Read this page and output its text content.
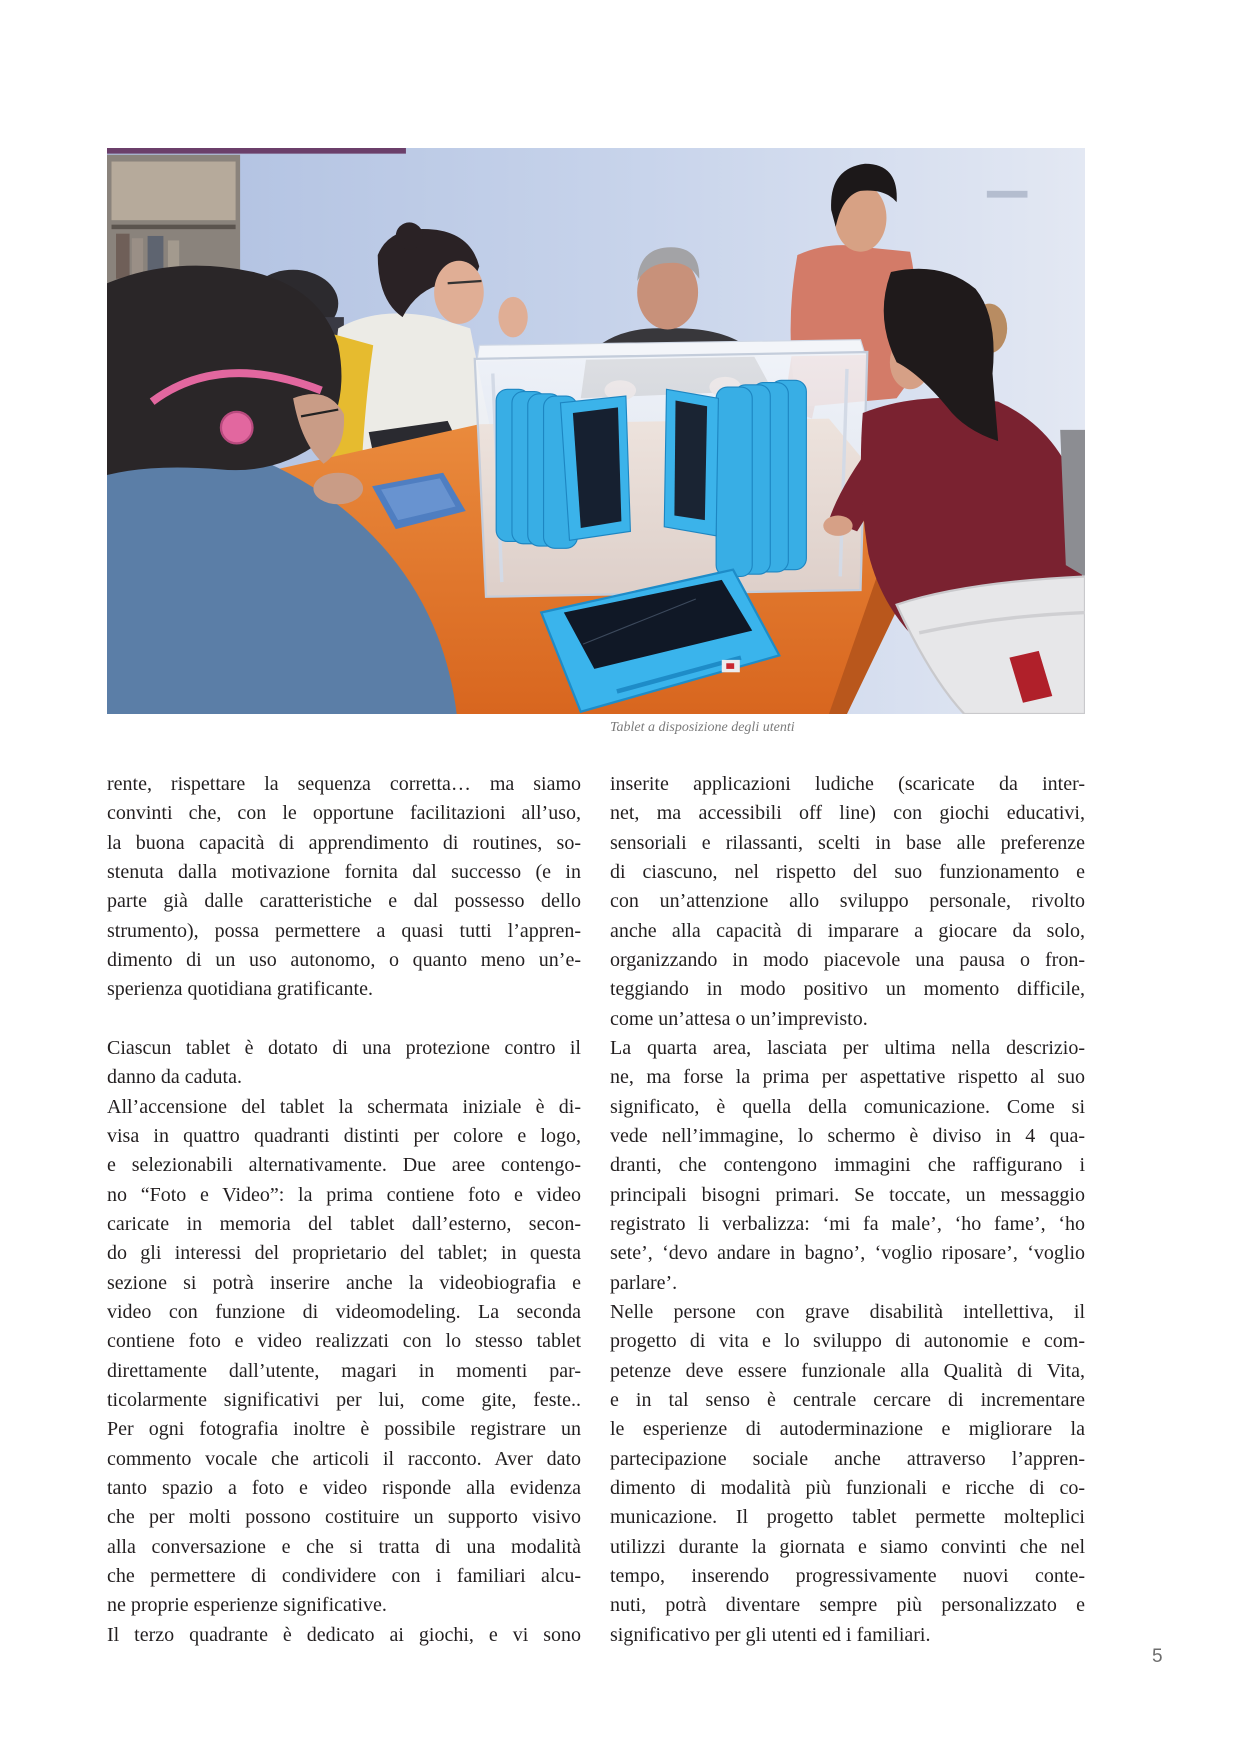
Tablet a disposizione degli utenti
rente, rispettare la sequenza corretta… ma siamo
convinti che, con le opportune facilitazioni all’uso,
la buona capacità di apprendimento di routines, so-
stenuta dalla motivazione fornita dal successo (e in
parte già dalle caratteristiche e dal possesso dello
strumento), possa permettere a quasi tutti l’appren-
dimento di un uso autonomo, o quanto meno un’e-
sperienza quotidiana gratificante.
Ciascun tablet è dotato di una protezione contro il
danno da caduta.
All’accensione del tablet la schermata iniziale è di-
visa in quattro quadranti distinti per colore e logo,
e selezionabili alternativamente. Due aree contengo-
no “Foto e Video”: la prima contiene foto e video
caricate in memoria del tablet dall’esterno, secon-
do gli interessi del proprietario del tablet; in questa
sezione si potrà inserire anche la videobiografia e
video con funzione di videomodeling. La seconda
contiene foto e video realizzati con lo stesso tablet
direttamente dall’utente, magari in momenti par-
ticolarmente significativi per lui, come gite, feste..
Per ogni fotografia inoltre è possibile registrare un
commento vocale che articoli il racconto. Aver dato
tanto spazio a foto e video risponde alla evidenza
che per molti possono costituire un supporto visivo
alla conversazione e che si tratta di una modalità
che permettere di condividere con i familiari alcu-
ne proprie esperienze significative.
Il terzo quadrante è dedicato ai giochi, e vi sono
inserite applicazioni ludiche (scaricate da inter-
net, ma accessibili off line) con giochi educativi,
sensoriali e rilassanti, scelti in base alle preferenze
di ciascuno, nel rispetto del suo funzionamento e
con un’attenzione allo sviluppo personale, rivolto
anche alla capacità di imparare a giocare da solo,
organizzando in modo piacevole una pausa o fron-
teggiando in modo positivo un momento difficile,
come un’attesa o un’imprevisto.
La quarta area, lasciata per ultima nella descrizio-
ne, ma forse la prima per aspettative rispetto al suo
significato, è quella della comunicazione. Come si
vede nell’immagine, lo schermo è diviso in 4 qua-
dranti, che contengono immagini che raffigurano i
principali bisogni primari. Se toccate, un messaggio
registrato li verbalizza: ‘mi fa male’, ‘ho fame’, ‘ho
sete’, ‘devo andare in bagno’, ‘voglio riposare’, ‘voglio
parlare’.
Nelle persone con grave disabilità intellettiva, il
progetto di vita e lo sviluppo di autonomie e com-
petenze deve essere funzionale alla Qualità di Vita,
e in tal senso è centrale cercare di incrementare
le esperienze di autoderminazione e migliorare la
partecipazione sociale anche attraverso l’appren-
dimento di modalità più funzionali e ricche di co-
municazione. Il progetto tablet permette molteplici
utilizzi durante la giornata e siamo convinti che nel
tempo, inserendo progressivamente nuovi conte-
nuti, potrà diventare sempre più personalizzato e
significativo per gli utenti ed i familiari.
5
